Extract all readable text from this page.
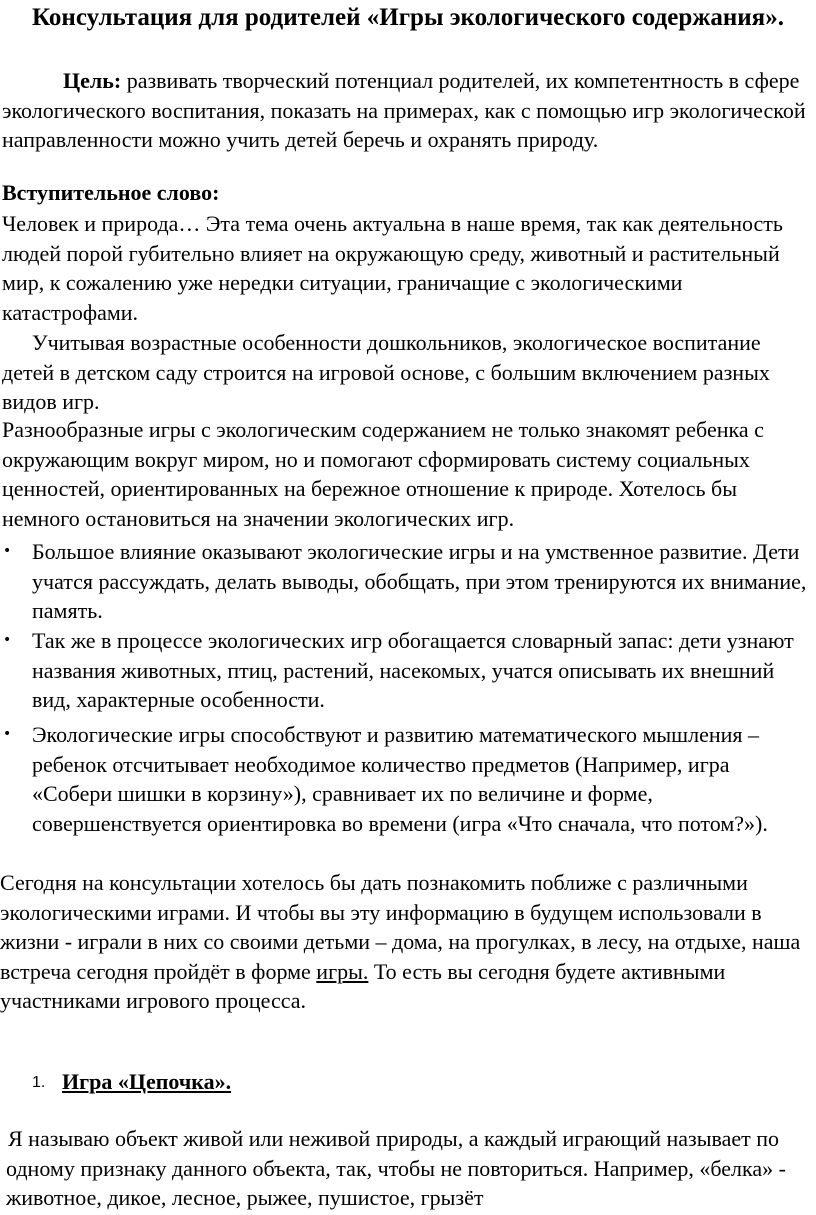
Консультация для родителей «Игры экологического содержания».
Цель: развивать творческий потенциал родителей, их компетентность в сфере экологического воспитания, показать на примерах, как с помощью игр экологической направленности можно учить детей беречь и охранять природу.
Вступительное слово:
Человек и природа… Эта тема очень актуальна в наше время, так как деятельность людей порой губительно влияет на окружающую среду, животный и растительный мир, к сожалению уже нередки ситуации, граничащие с экологическими катастрофами.
Учитывая возрастные особенности дошкольников, экологическое воспитание детей в детском саду строится на игровой основе, с большим включением разных видов игр.
Разнообразные игры с экологическим содержанием не только знакомят ребенка с окружающим вокруг миром, но и помогают сформировать систему социальных ценностей, ориентированных на бережное отношение к природе. Хотелось бы немного остановиться на значении экологических игр.
• Большое влияние оказывают экологические игры и на умственное развитие. Дети учатся рассуждать, делать выводы, обобщать, при этом тренируются их внимание, память.
• Так же в процессе экологических игр обогащается словарный запас: дети узнают названия животных, птиц, растений, насекомых, учатся описывать их внешний вид, характерные особенности.
• Экологические игры способствуют и развитию математического мышления – ребенок отсчитывает необходимое количество предметов (Например, игра «Собери шишки в корзину»), сравнивает их по величине и форме, совершенствуется ориентировка во времени (игра «Что сначала, что потом?»).
Сегодня на консультации хотелось бы дать познакомить поближе с различными экологическими играми. И чтобы вы эту информацию в будущем использовали в жизни - играли в них со своими детьми – дома, на прогулках, в лесу, на отдыхе, наша встреча сегодня пройдёт в форме игры. То есть вы сегодня будете активными участниками игрового процесса.
1. Игра «Цепочка».
Я называю объект живой или неживой природы, а каждый играющий называет по одному признаку данного объекта, так, чтобы не повториться. Например, «белка» - животное, дикое, лесное, рыжее, пушистое, грызёт
